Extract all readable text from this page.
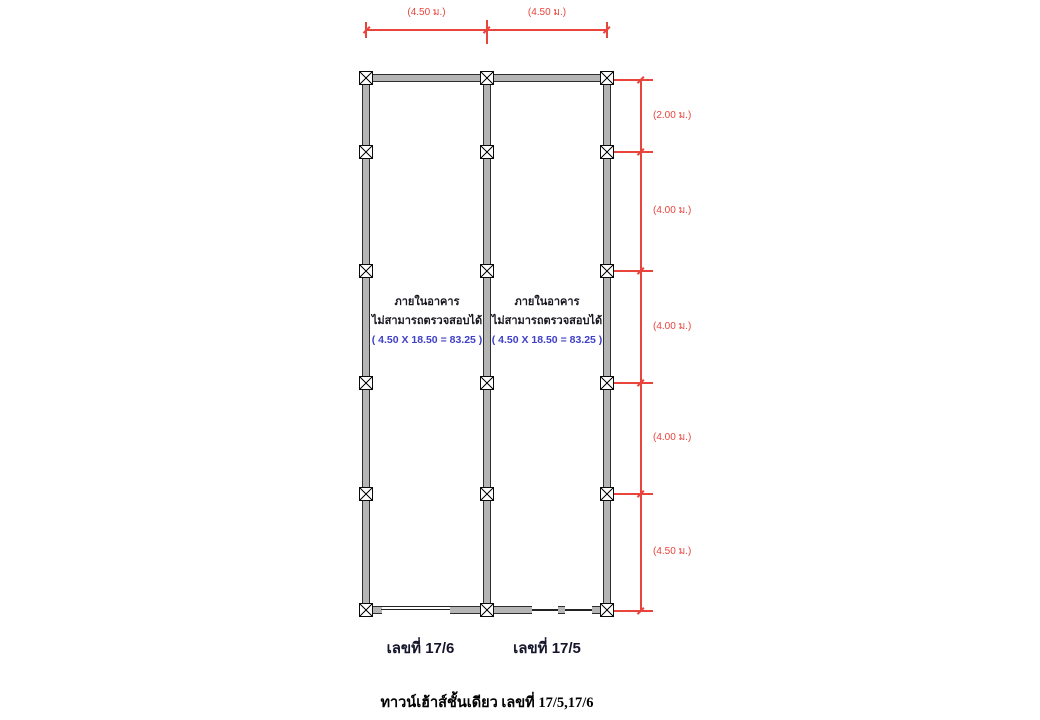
(4.50 ม.)	(4.50 ม.)
(2.00 ม.)
(4.00 ม.)
(4.00 ม.)
(4.00 ม.)
(4.50 ม.)
ภายในอาคาร
ไม่สามารถตรวจสอบได้
( 4.50 X 18.50 = 83.25 )
ภายในอาคาร
ไม่สามารถตรวจสอบได้
( 4.50 X 18.50 = 83.25 )
เลขที่ 17/6	เลขที่ 17/5
ทาวน์เฮ้าส์ชั้นเดียว เลขที่ 17/5,17/6
